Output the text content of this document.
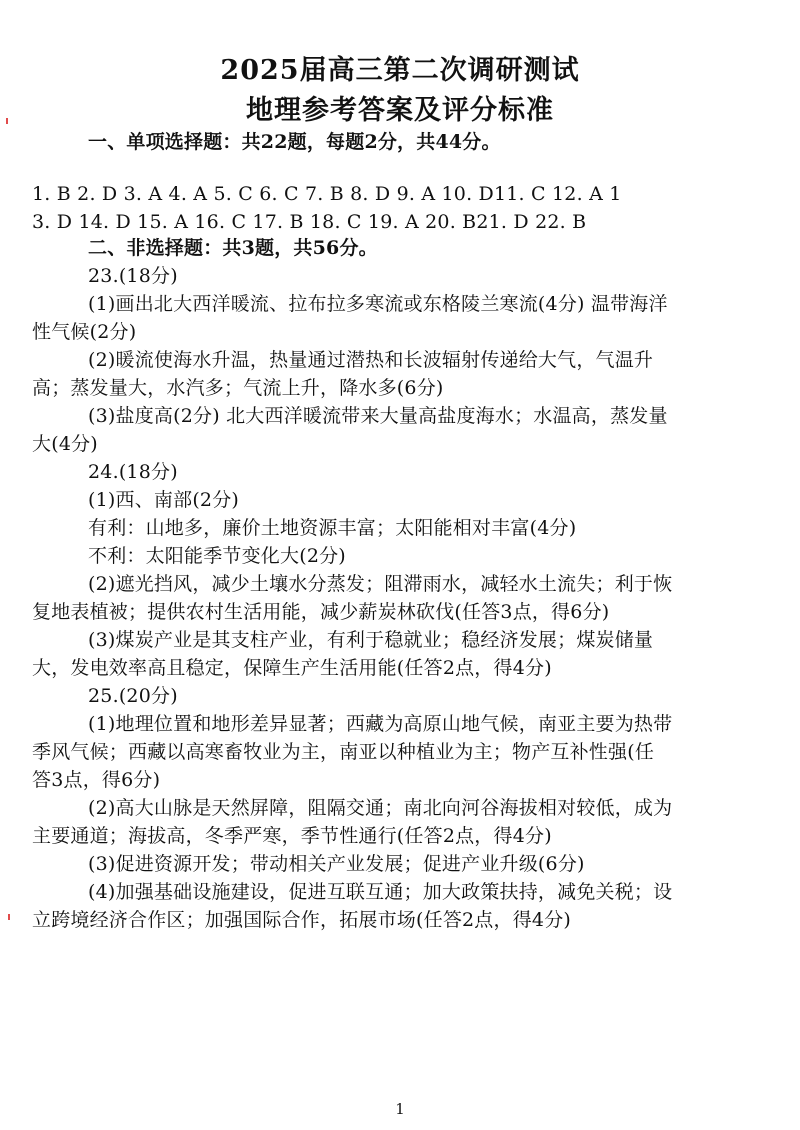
2025届高三第二次调研测试
地理参考答案及评分标准
一、单项选择题：共22题，每题2分，共44分。
1. B 2. D 3. A 4. A 5. C 6. C 7. B 8. D 9. A 10. D11. C 12. A 1
3. D 14. D 15. A 16. C 17. B 18. C 19. A 20. B21. D 22. B
二、非选择题：共3题，共56分。
23.(18分)
(1)画出北大西洋暖流、拉布拉多寒流或东格陵兰寒流(4分) 温带海洋
性气候(2分)
(2)暖流使海水升温，热量通过潜热和长波辐射传递给大气，气温升
高；蒸发量大，水汽多；气流上升，降水多(6分)
(3)盐度高(2分) 北大西洋暖流带来大量高盐度海水；水温高，蒸发量
大(4分)
24.(18分)
(1)西、南部(2分)
有利：山地多，廉价土地资源丰富；太阳能相对丰富(4分)
不利：太阳能季节变化大(2分)
(2)遮光挡风，减少土壤水分蒸发；阻滞雨水，减轻水土流失；利于恢
复地表植被；提供农村生活用能，减少薪炭林砍伐(任答3点，得6分)
(3)煤炭产业是其支柱产业，有利于稳就业；稳经济发展；煤炭储量
大，发电效率高且稳定，保障生产生活用能(任答2点，得4分)
25.(20分)
(1)地理位置和地形差异显著；西藏为高原山地气候，南亚主要为热带
季风气候；西藏以高寒畜牧业为主，南亚以种植业为主；物产互补性强(任
答3点，得6分)
(2)高大山脉是天然屏障，阻隔交通；南北向河谷海拔相对较低，成为
主要通道；海拔高，冬季严寒，季节性通行(任答2点，得4分)
(3)促进资源开发；带动相关产业发展；促进产业升级(6分)
(4)加强基础设施建设，促进互联互通；加大政策扶持，减免关税；设
立跨境经济合作区；加强国际合作，拓展市场(任答2点，得4分)
1
